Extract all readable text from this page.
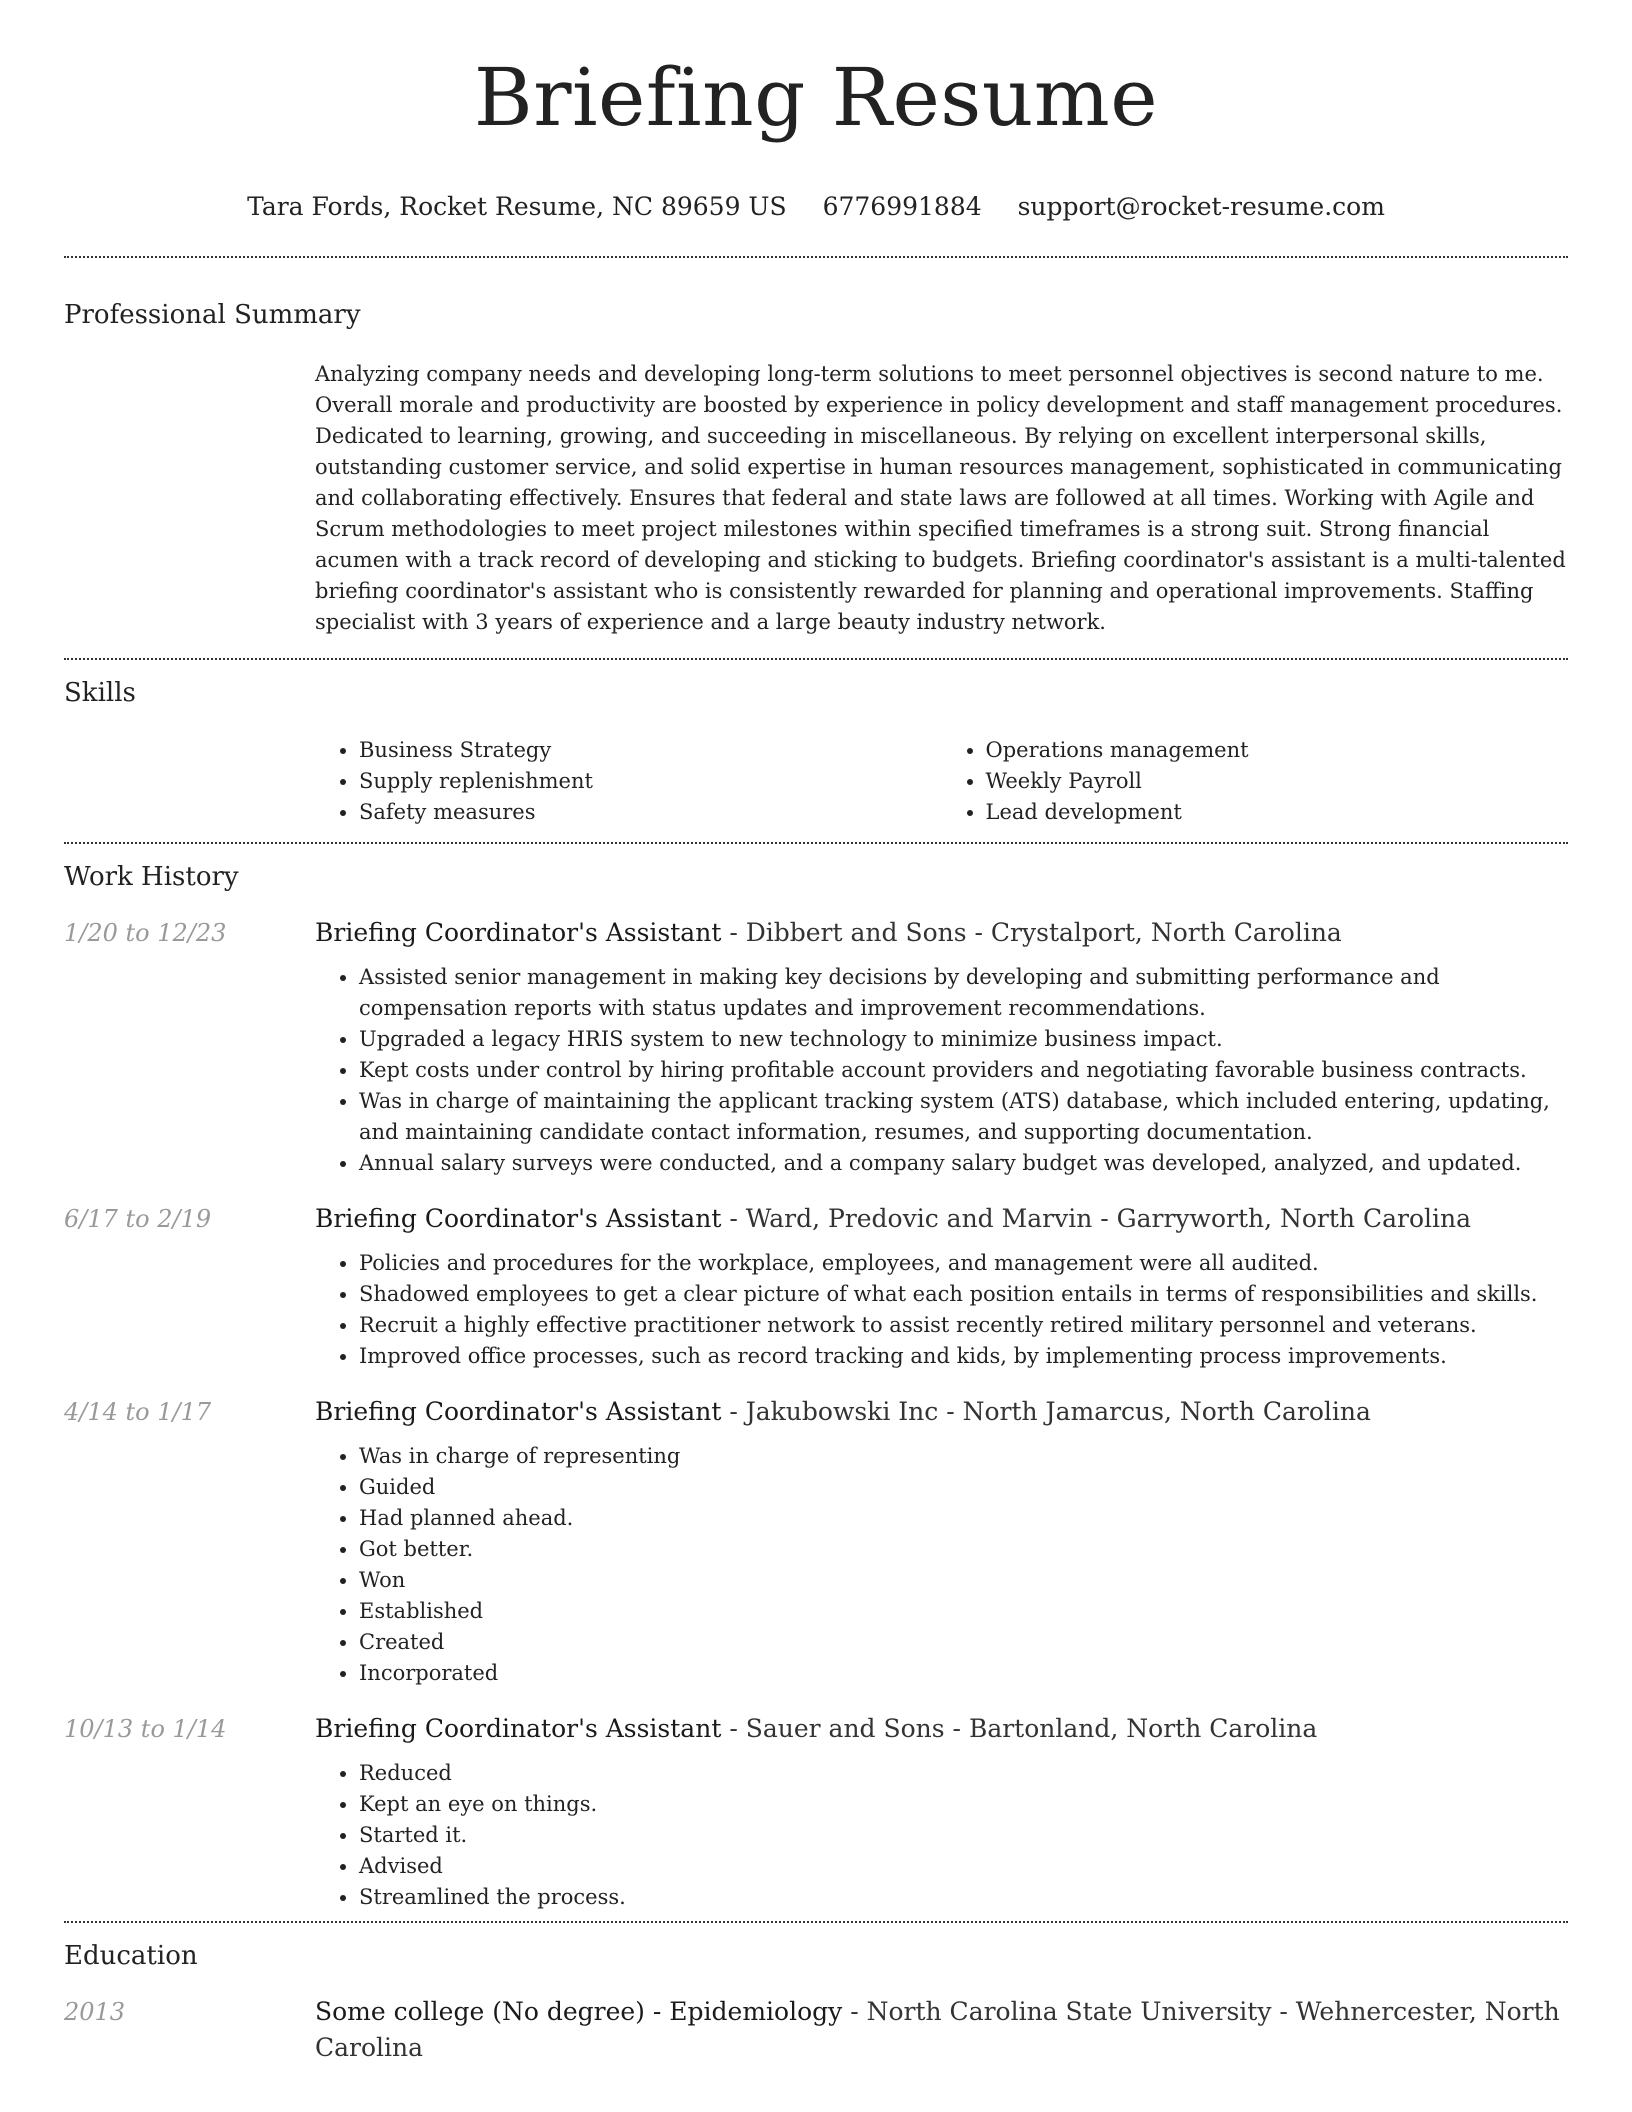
Briefing Resume
Tara Fords, Rocket Resume, NC 89659 US 6776991884 support@rocket-resume.com
Professional Summary
Analyzing company needs and developing long-term solutions to meet personnel objectives is second nature to me. Overall morale and productivity are boosted by experience in policy development and staff management procedures. Dedicated to learning, growing, and succeeding in miscellaneous. By relying on excellent interpersonal skills, outstanding customer service, and solid expertise in human resources management, sophisticated in communicating and collaborating effectively. Ensures that federal and state laws are followed at all times. Working with Agile and Scrum methodologies to meet project milestones within specified timeframes is a strong suit. Strong financial acumen with a track record of developing and sticking to budgets. Briefing coordinator's assistant is a multi-talented briefing coordinator's assistant who is consistently rewarded for planning and operational improvements. Staffing specialist with 3 years of experience and a large beauty industry network.
Skills
• Business Strategy
• Supply replenishment
• Safety measures
• Operations management
• Weekly Payroll
• Lead development
Work History
1/20 to 12/23	Briefing Coordinator's Assistant - Dibbert and Sons - Crystalport, North Carolina
• Assisted senior management in making key decisions by developing and submitting performance and compensation reports with status updates and improvement recommendations.
• Upgraded a legacy HRIS system to new technology to minimize business impact.
• Kept costs under control by hiring profitable account providers and negotiating favorable business contracts.
• Was in charge of maintaining the applicant tracking system (ATS) database, which included entering, updating, and maintaining candidate contact information, resumes, and supporting documentation.
• Annual salary surveys were conducted, and a company salary budget was developed, analyzed, and updated.
6/17 to 2/19	Briefing Coordinator's Assistant - Ward, Predovic and Marvin - Garryworth, North Carolina
• Policies and procedures for the workplace, employees, and management were all audited.
• Shadowed employees to get a clear picture of what each position entails in terms of responsibilities and skills.
• Recruit a highly effective practitioner network to assist recently retired military personnel and veterans.
• Improved office processes, such as record tracking and kids, by implementing process improvements.
4/14 to 1/17	Briefing Coordinator's Assistant - Jakubowski Inc - North Jamarcus, North Carolina
• Was in charge of representing
• Guided
• Had planned ahead.
• Got better.
• Won
• Established
• Created
• Incorporated
10/13 to 1/14	Briefing Coordinator's Assistant - Sauer and Sons - Bartonland, North Carolina
• Reduced
• Kept an eye on things.
• Started it.
• Advised
• Streamlined the process.
Education
2013	Some college (No degree) - Epidemiology - North Carolina State University - Wehnercester, North Carolina
